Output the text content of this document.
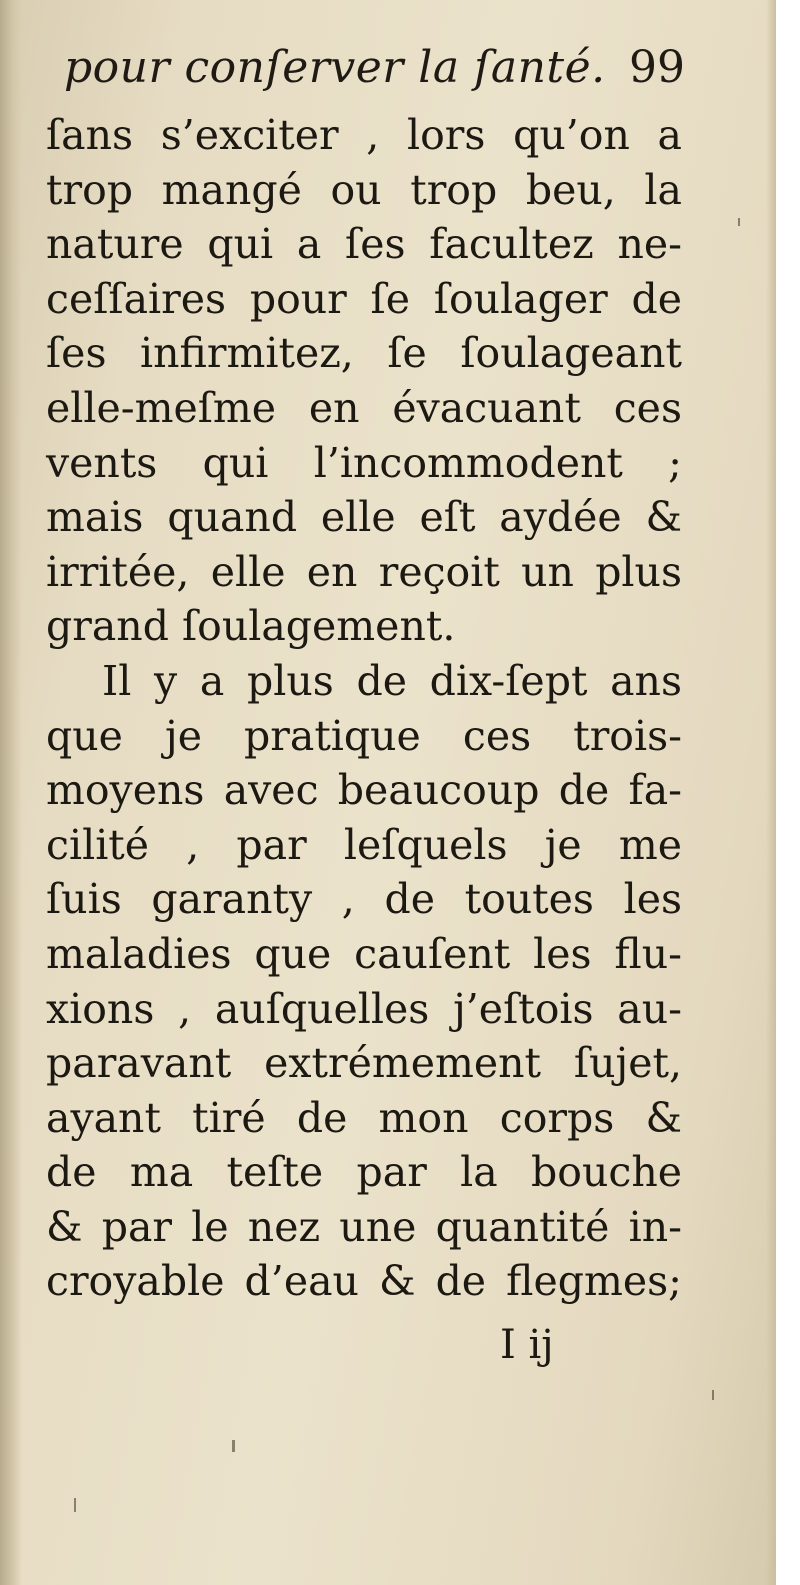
pour conſerver la ſanté. 99
ſans s’exciter , lors qu’on a
trop mangé ou trop beu, la
nature qui a ſes facultez ne-
ceſſaires pour ſe ſoulager de
ſes infirmitez, ſe ſoulageant
elle-meſme en évacuant ces
vents qui l’incommodent ;
mais quand elle eſt aydée &
irritée, elle en reçoit un plus
grand ſoulagement.
Il y a plus de dix-ſept ans
que je pratique ces trois-
moyens avec beaucoup de fa-
cilité , par leſquels je me
ſuis garanty , de toutes les
maladies que cauſent les flu-
xions , auſquelles j’eſtois au-
paravant extrémement ſujet,
ayant tiré de mon corps &
de ma teſte par la bouche
& par le nez une quantité in-
croyable d’eau & de flegmes;
I ij
